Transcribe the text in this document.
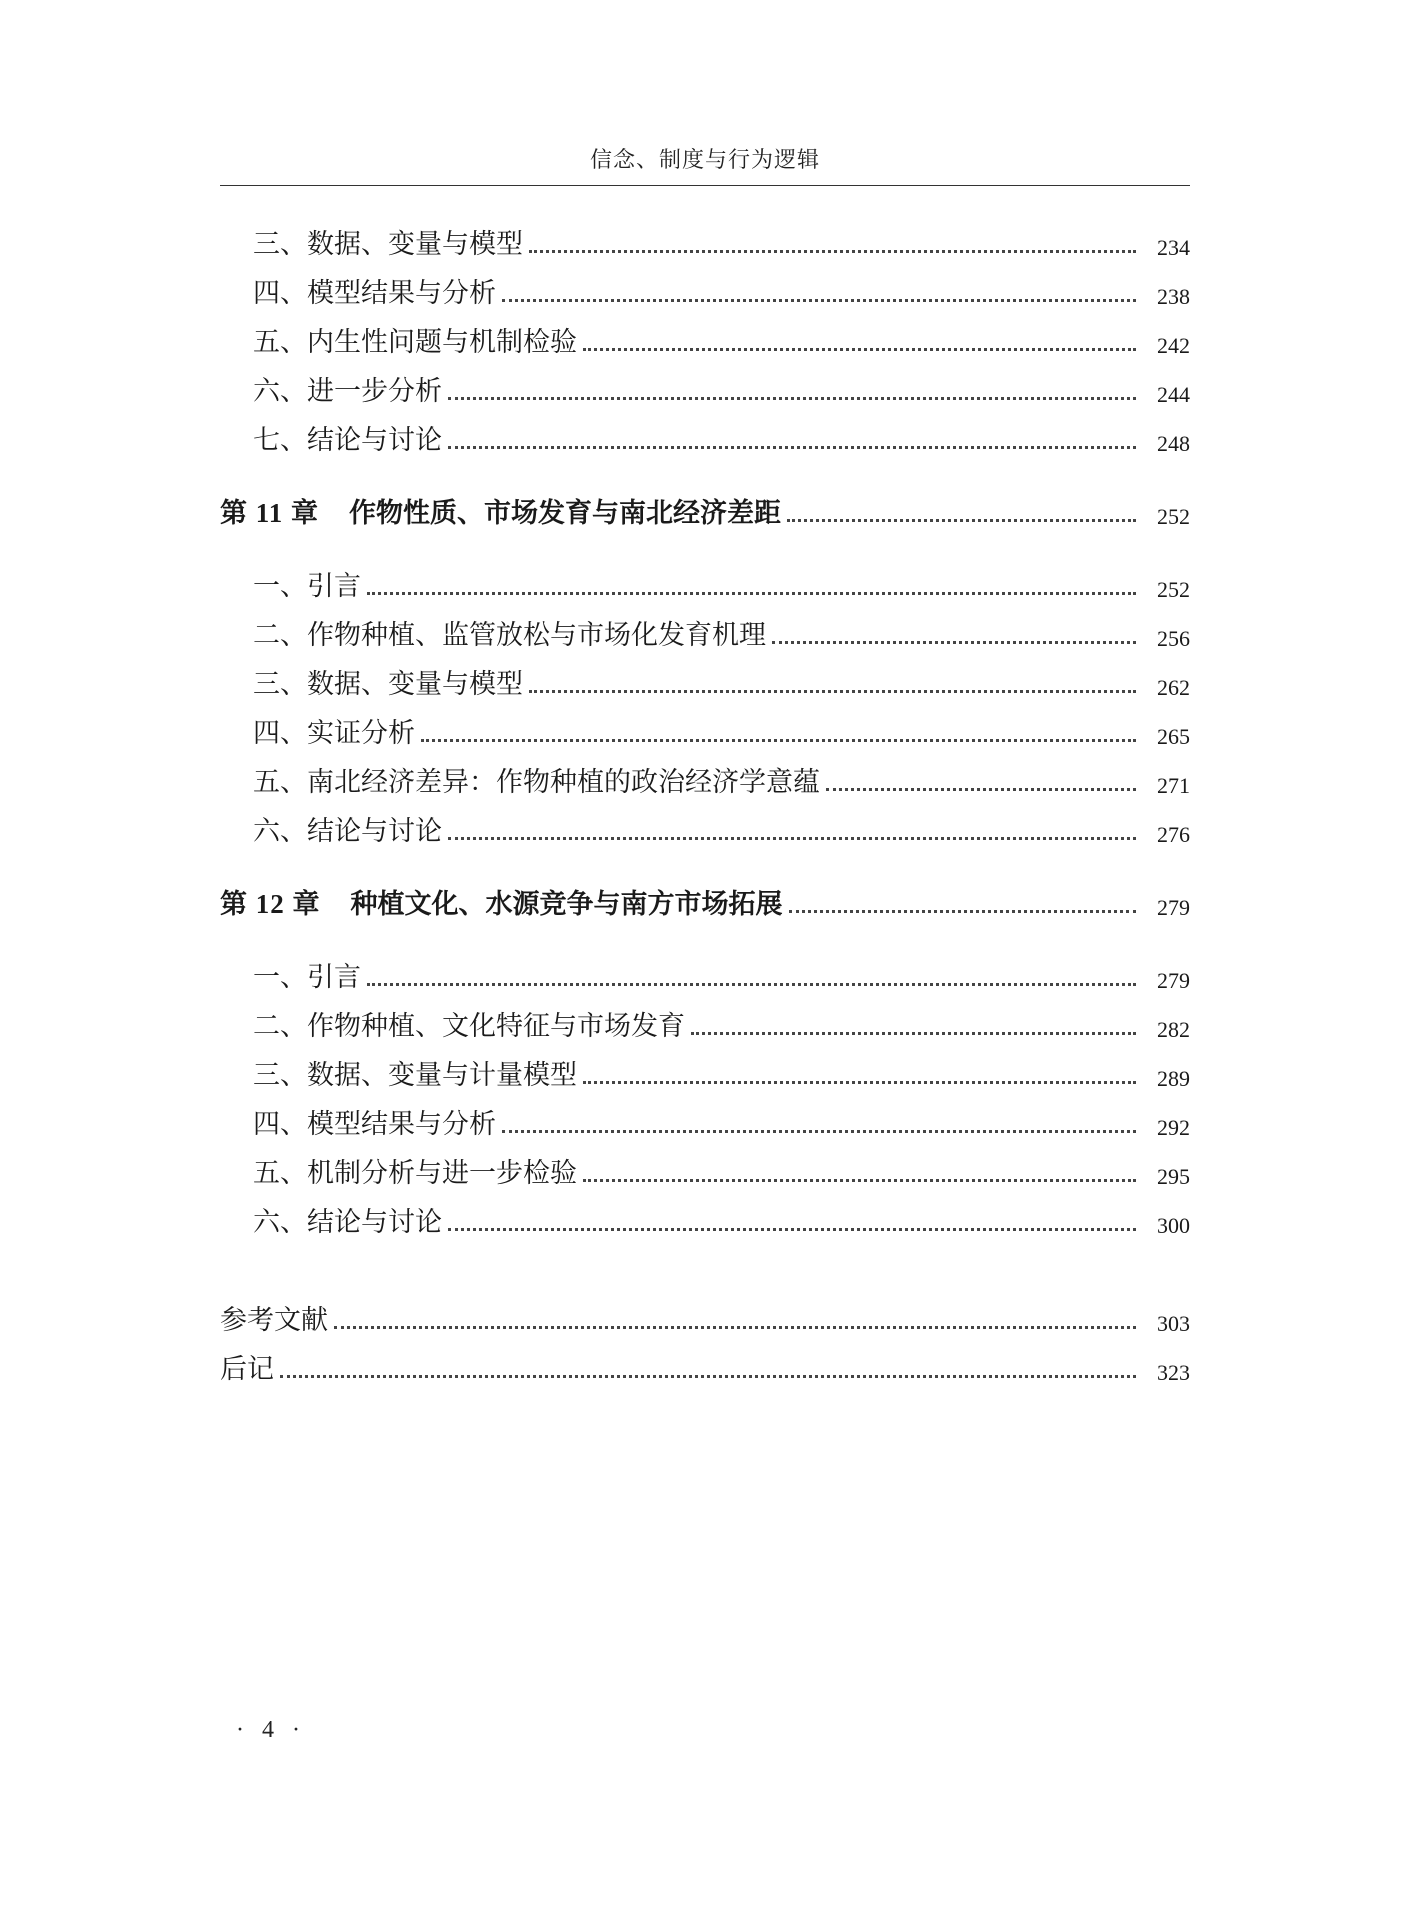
信念、制度与行为逻辑
三、数据、变量与模型	234
四、模型结果与分析	238
五、内生性问题与机制检验	242
六、进一步分析	244
七、结论与讨论	248
第 11 章 作物性质、市场发育与南北经济差距	252
一、引言	252
二、作物种植、监管放松与市场化发育机理	256
三、数据、变量与模型	262
四、实证分析	265
五、南北经济差异：作物种植的政治经济学意蕴	271
六、结论与讨论	276
第 12 章 种植文化、水源竞争与南方市场拓展	279
一、引言	279
二、作物种植、文化特征与市场发育	282
三、数据、变量与计量模型	289
四、模型结果与分析	292
五、机制分析与进一步检验	295
六、结论与讨论	300
参考文献	303
后记	323
· 4 ·
